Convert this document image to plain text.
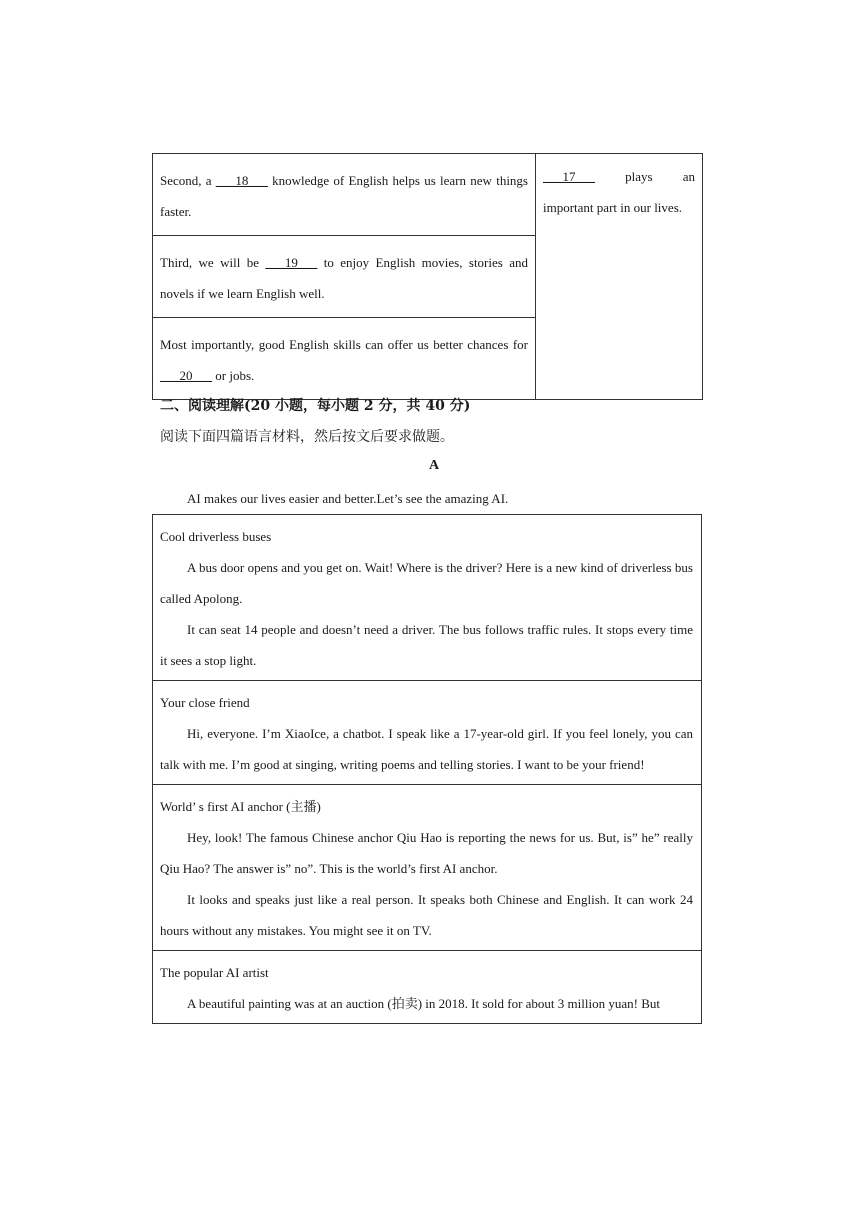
Second, a ___18___ knowledge of English helps us learn new things faster.	
___17___ plays an
important part in our lives.

Third, we will be ___19___ to enjoy English movies, stories and novels if we learn English well.
Most importantly, good English skills can offer us better chances for ___20___ or jobs.
二、阅读理解(20 小题，每小题 2 分，共 40 分)
阅读下面四篇语言材料，然后按文后要求做题。
A
AI makes our lives easier and better.Let’s see the amazing AI.
Cool driverless buses

A bus door opens and you get on. Wait! Where is the driver? Here is a new kind of driverless bus called Apolong.

It can seat 14 people and doesn’t need a driver. The bus follows traffic rules. It stops every time it sees a stop light.

Your close friend

Hi, everyone. I’m XiaoIce, a chatbot. I speak like a 17-year-old girl. If you feel lonely, you can talk with me. I’m good at singing, writing poems and telling stories. I want to be your friend!

World’ s first AI anchor (主播)

Hey, look! The famous Chinese anchor Qiu Hao is reporting the news for us. But, is” he” really Qiu Hao? The answer is” no”. This is the world’s first AI anchor.

It looks and speaks just like a real person. It speaks both Chinese and English. It can work 24 hours without any mistakes. You might see it on TV.

The popular AI artist

A beautiful painting was at an auction (拍卖) in 2018. It sold for about 3 million yuan! But
